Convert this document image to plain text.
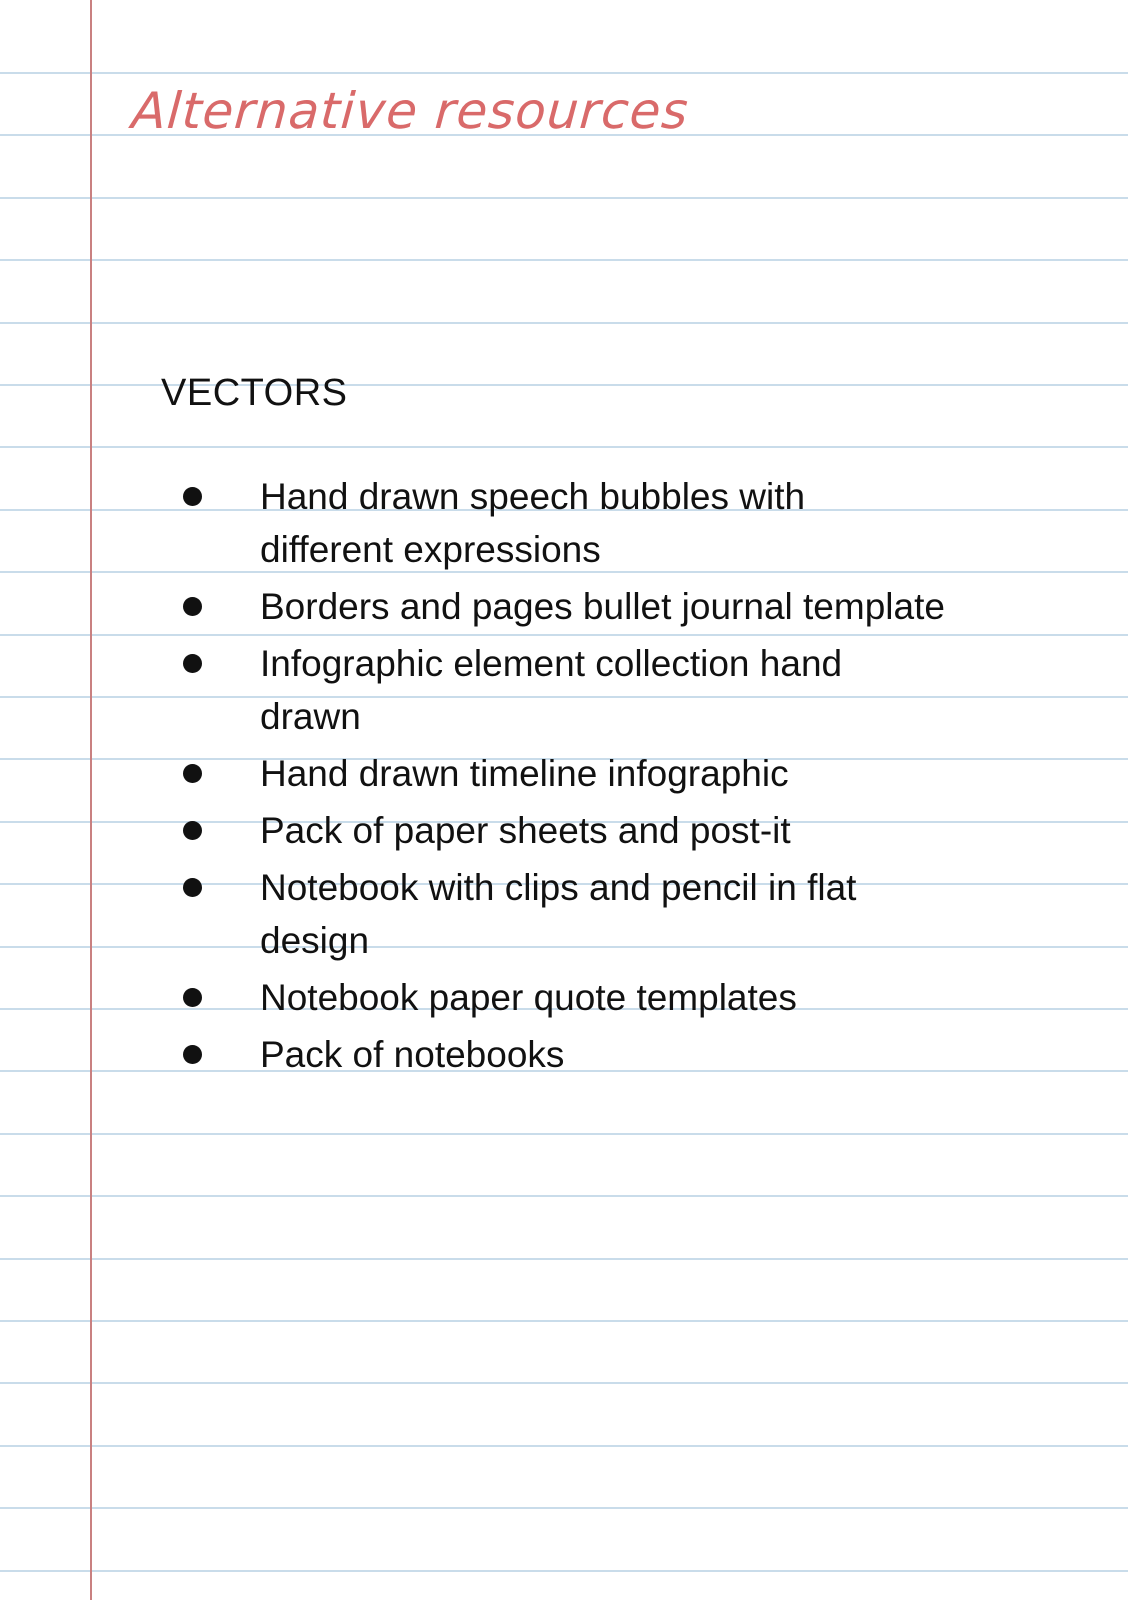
Alternative resources
VECTORS
Hand drawn speech bubbles with different expressions
Borders and pages bullet journal template
Infographic element collection hand drawn
Hand drawn timeline infographic
Pack of paper sheets and post-it
Notebook with clips and pencil in flat design
Notebook paper quote templates
Pack of notebooks
